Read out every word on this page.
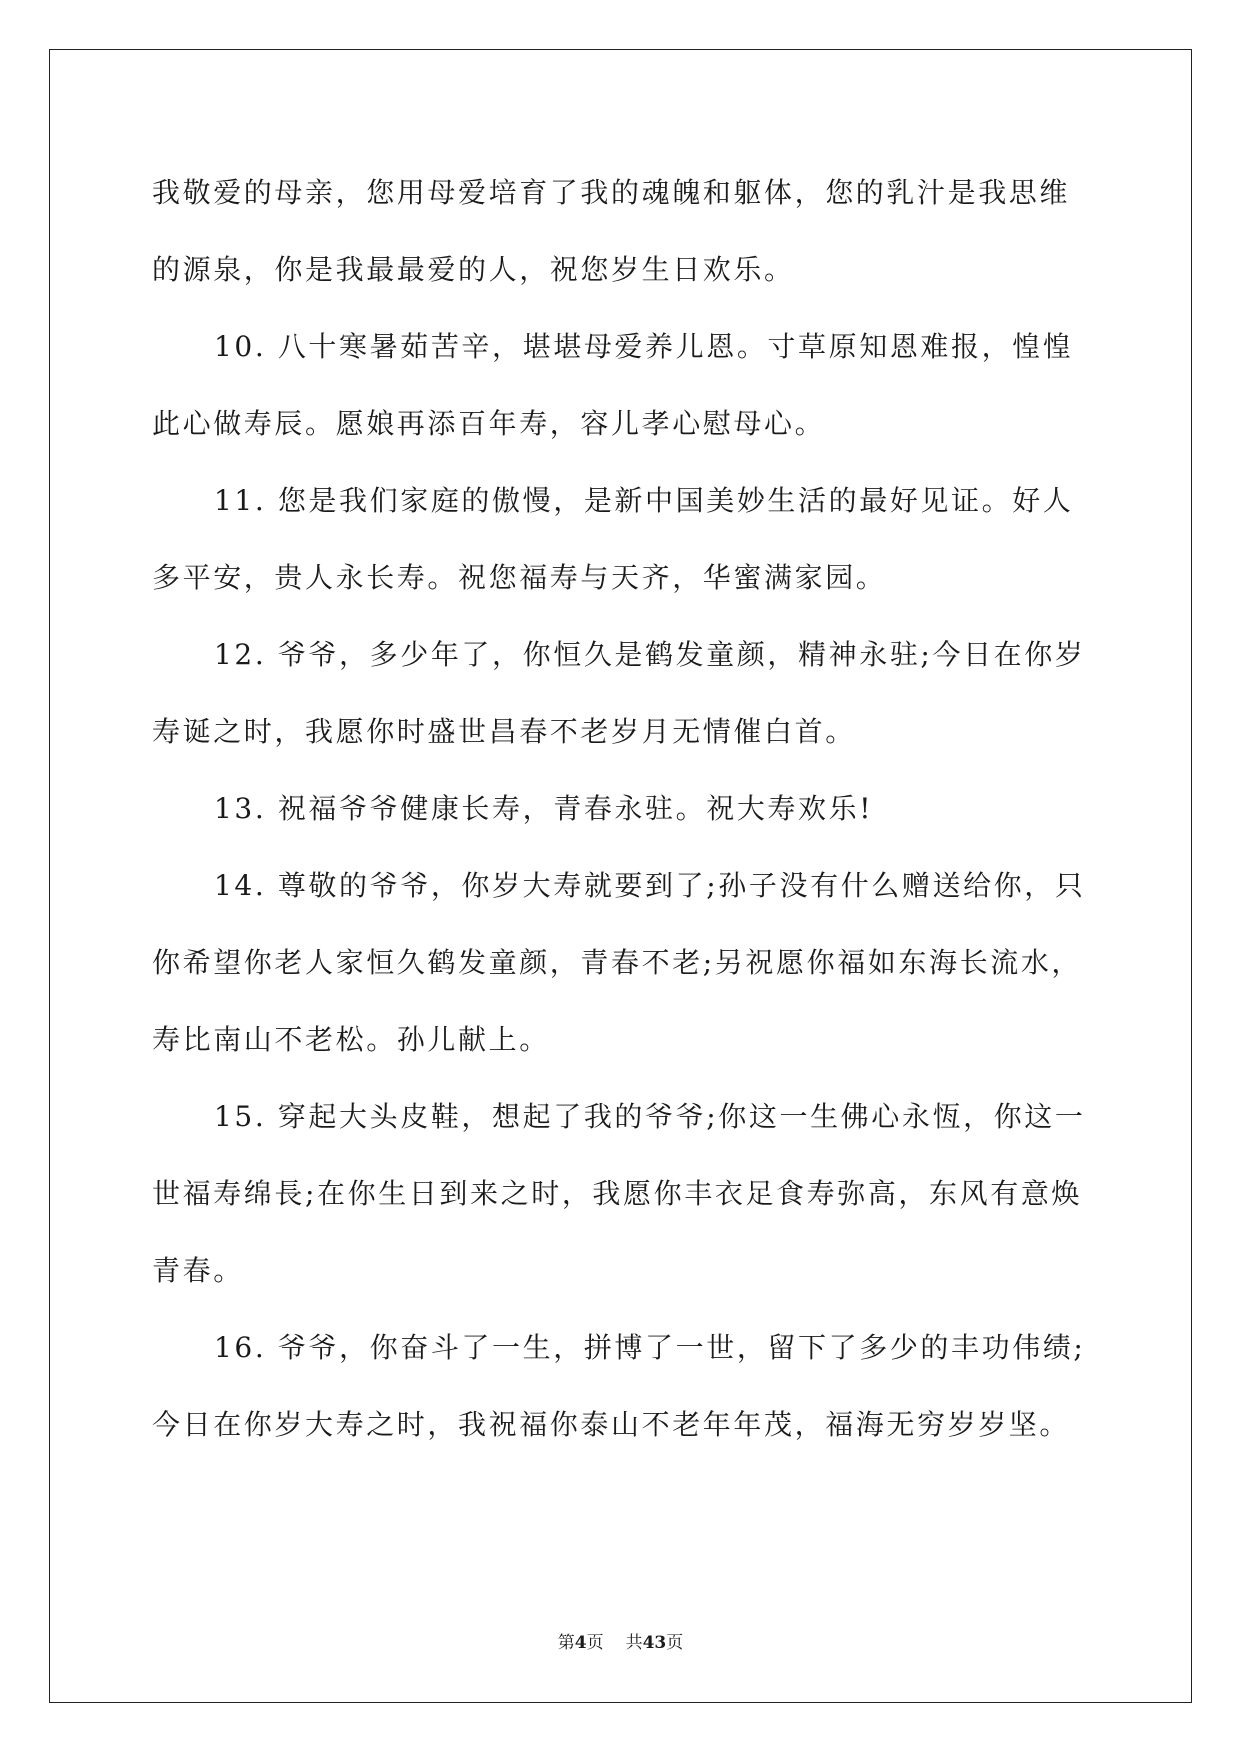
我敬爱的母亲，您用母爱培育了我的魂魄和躯体，您的乳汁是我思维
的源泉，你是我最最爱的人，祝您岁生日欢乐。
10. 八十寒暑茹苦辛，堪堪母爱养儿恩。寸草原知恩难报，惶惶
此心做寿辰。愿娘再添百年寿，容儿孝心慰母心。
11. 您是我们家庭的傲慢，是新中国美妙生活的最好见证。好人
多平安，贵人永长寿。祝您福寿与天齐，华蜜满家园。
12. 爷爷，多少年了，你恒久是鹤发童颜，精神永驻;今日在你岁
寿诞之时，我愿你时盛世昌春不老岁月无情催白首。
13. 祝福爷爷健康长寿，青春永驻。祝大寿欢乐!
14. 尊敬的爷爷，你岁大寿就要到了;孙子没有什么赠送给你，只
你希望你老人家恒久鹤发童颜，青春不老;另祝愿你福如东海长流水，
寿比南山不老松。孙儿献上。
15. 穿起大头皮鞋，想起了我的爷爷;你这一生佛心永恆，你这一
世福寿绵長;在你生日到来之时，我愿你丰衣足食寿弥高，东风有意焕
青春。
16. 爷爷，你奋斗了一生，拼博了一世，留下了多少的丰功伟绩;
今日在你岁大寿之时，我祝福你泰山不老年年茂，福海无穷岁岁坚。
第4页 共43页
